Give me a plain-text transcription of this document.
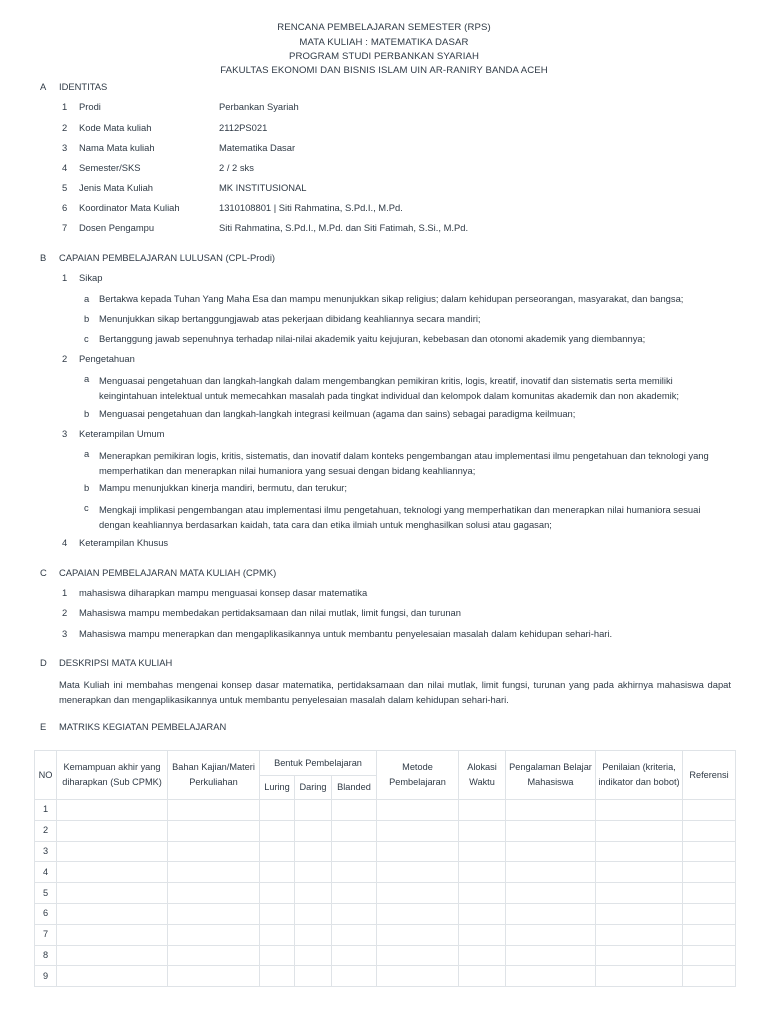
RENCANA PEMBELAJARAN SEMESTER (RPS)
MATA KULIAH : MATEMATIKA DASAR
PROGRAM STUDI PERBANKAN SYARIAH
FAKULTAS EKONOMI DAN BISNIS ISLAM UIN AR-RANIRY BANDA ACEH
A IDENTITAS
1 Prodi	Perbankan Syariah
2 Kode Mata kuliah	2112PS021
3 Nama Mata kuliah	Matematika Dasar
4 Semester/SKS	2 / 2 sks
5 Jenis Mata Kuliah	MK INSTITUSIONAL
6 Koordinator Mata Kuliah	1310108801 | Siti Rahmatina, S.Pd.I., M.Pd.
7 Dosen Pengampu	Siti Rahmatina, S.Pd.I., M.Pd. dan Siti Fatimah, S.Si., M.Pd.
B CAPAIAN PEMBELAJARAN LULUSAN (CPL-Prodi)
1 Sikap
a Bertakwa kepada Tuhan Yang Maha Esa dan mampu menunjukkan sikap religius; dalam kehidupan perseorangan, masyarakat, dan bangsa;
b Menunjukkan sikap bertanggungjawab atas pekerjaan dibidang keahliannya secara mandiri;
c Bertanggung jawab sepenuhnya terhadap nilai-nilai akademik yaitu kejujuran, kebebasan dan otonomi akademik yang diembannya;
2 Pengetahuan
a Menguasai pengetahuan dan langkah-langkah dalam mengembangkan pemikiran kritis, logis, kreatif, inovatif dan sistematis serta memiliki keingintahuan intelektual untuk memecahkan masalah pada tingkat individual dan kelompok dalam komunitas akademik dan non akademik;
b Menguasai pengetahuan dan langkah-langkah integrasi keilmuan (agama dan sains) sebagai paradigma keilmuan;
3 Keterampilan Umum
a Menerapkan pemikiran logis, kritis, sistematis, dan inovatif dalam konteks pengembangan atau implementasi ilmu pengetahuan dan teknologi yang memperhatikan dan menerapkan nilai humaniora yang sesuai dengan bidang keahliannya;
b Mampu menunjukkan kinerja mandiri, bermutu, dan terukur;
c Mengkaji implikasi pengembangan atau implementasi ilmu pengetahuan, teknologi yang memperhatikan dan menerapkan nilai humaniora sesuai dengan keahliannya berdasarkan kaidah, tata cara dan etika ilmiah untuk menghasilkan solusi atau gagasan;
4 Keterampilan Khusus
C CAPAIAN PEMBELAJARAN MATA KULIAH (CPMK)
1 mahasiswa diharapkan mampu menguasai konsep dasar matematika
2 Mahasiswa mampu membedakan pertidaksamaan dan nilai mutlak, limit fungsi, dan turunan
3 Mahasiswa mampu menerapkan dan mengaplikasikannya untuk membantu penyelesaian masalah dalam kehidupan sehari-hari.
D DESKRIPSI MATA KULIAH
Mata Kuliah ini membahas mengenai konsep dasar matematika, pertidaksamaan dan nilai mutlak, limit fungsi, turunan yang pada akhirnya mahasiswa dapat menerapkan dan mengaplikasikannya untuk membantu penyelesaian masalah dalam kehidupan sehari-hari.
E MATRIKS KEGIATAN PEMBELAJARAN
NO	Kemampuan akhir yang diharapkan (Sub CPMK)	Bahan Kajian/Materi Perkuliahan	Bentuk Pembelajaran			Metode Pembelajaran	Alokasi Waktu	Pengalaman Belajar Mahasiswa	Penilaian (kriteria, indikator dan bobot)	Referensi
			Luring	Daring	Blanded					
1										
2										
3										
4										
5										
6										
7										
8										
9										
